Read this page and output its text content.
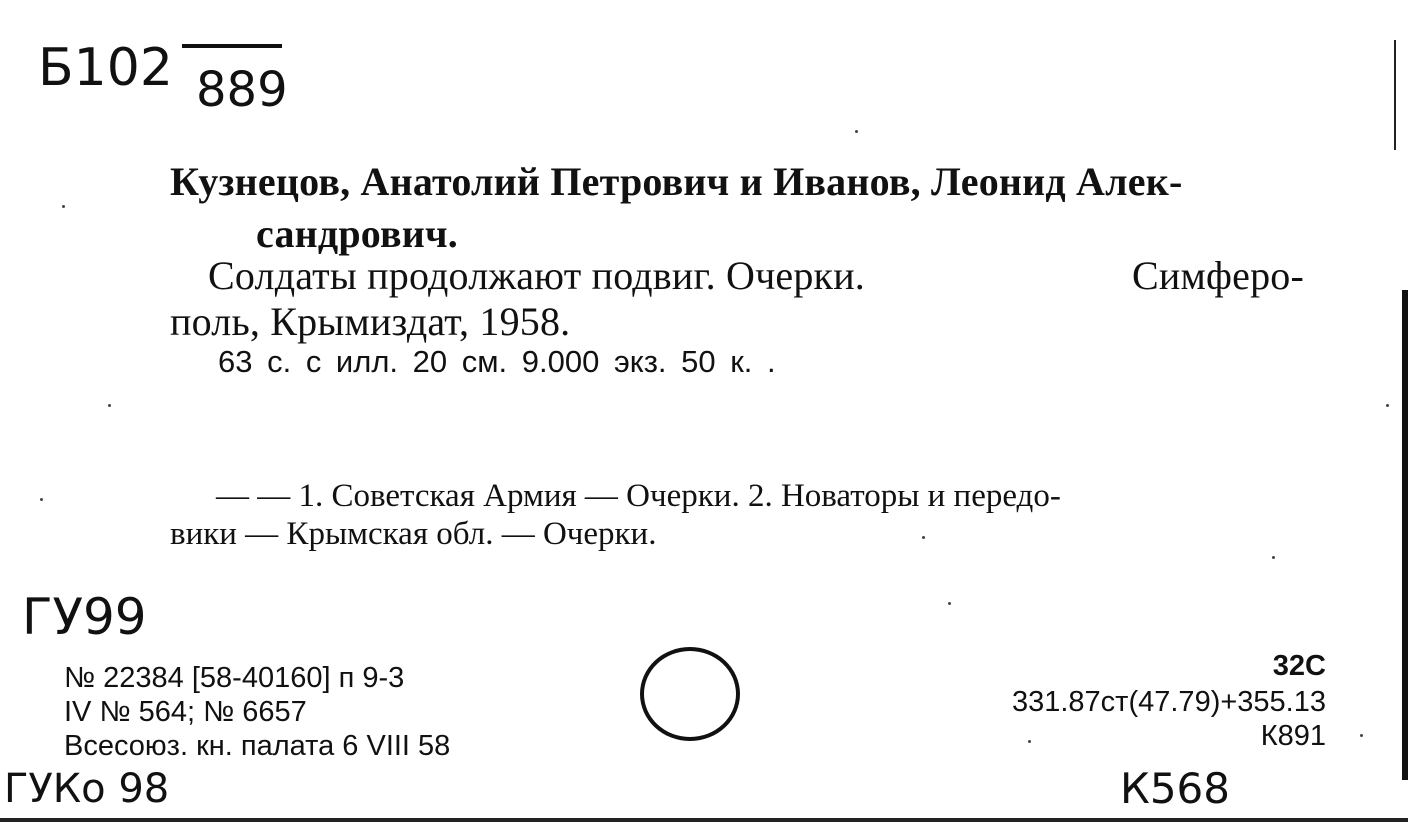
Б102 889
Кузнецов, Анатолий Петрович и Иванов, Леонид Алек-
сандрович.
Солдаты продолжают подвиг. Очерки.	Симферо-
поль, Крымиздат, 1958.
63 с. с илл. 20 см. 9.000 экз. 50 к. .
— — 1. Советская Армия — Очерки. 2. Новаторы и передо-
вики — Крымская обл. — Очерки.
ГУ99
№ 22384 [58-40160] п 9-3
IV № 564; № 6657
Всесоюз. кн. палата 6 VIII 58
32С
331.87ст(47.79)+355.13
К891
ГУКо 98	К568
